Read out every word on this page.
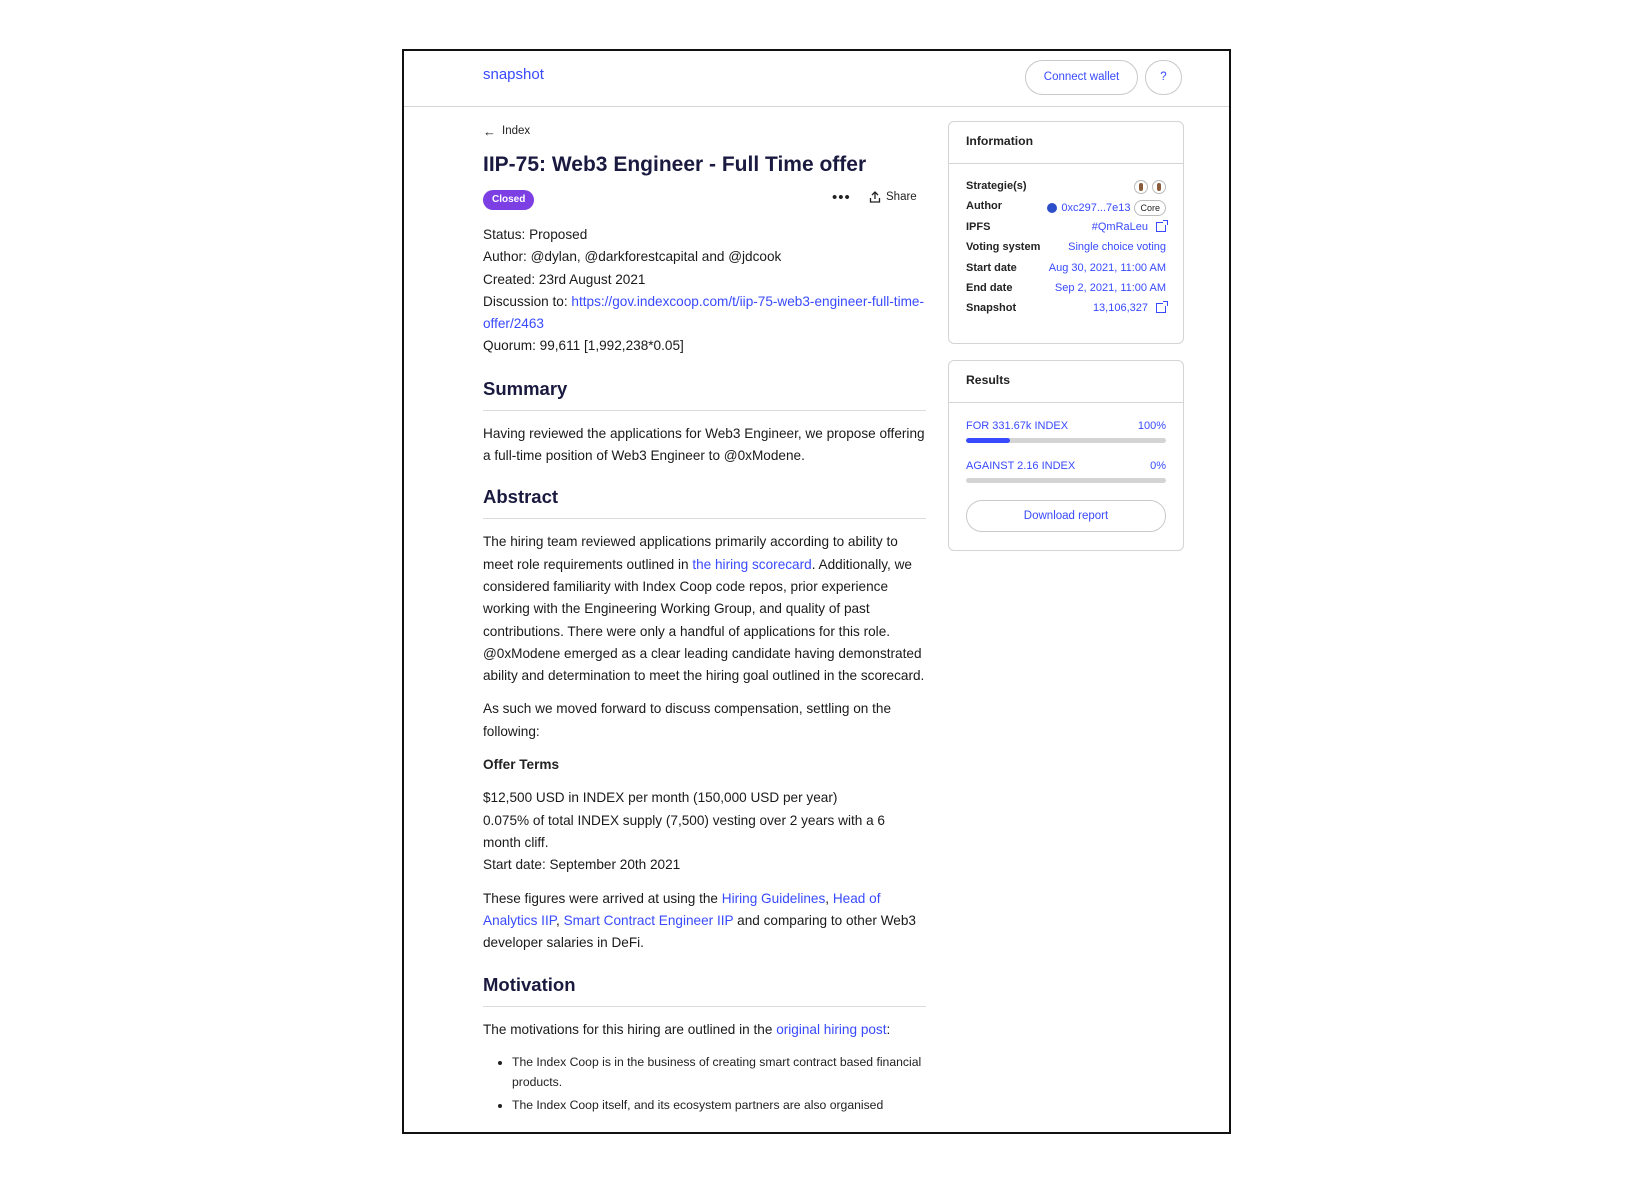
snapshot	Connect wallet	?
← Index
IIP-75: Web3 Engineer - Full Time offer
Closed	•••	Share
Status: Proposed
Author: @dylan, @darkforestcapital and @jdcook
Created: 23rd August 2021
Discussion to: https://gov.indexcoop.com/t/iip-75-web3-engineer-full-time-offer/2463
Quorum: 99,611 [1,992,238*0.05]
Summary

Having reviewed the applications for Web3 Engineer, we propose offering a full-time position of Web3 Engineer to @0xModene.

Abstract

The hiring team reviewed applications primarily according to ability to meet role requirements outlined in the hiring scorecard. Additionally, we considered familiarity with Index Coop code repos, prior experience working with the Engineering Working Group, and quality of past contributions. There were only a handful of applications for this role. @0xModene emerged as a clear leading candidate having demonstrated ability and determination to meet the hiring goal outlined in the scorecard.

As such we moved forward to discuss compensation, settling on the following:

Offer Terms

$12,500 USD in INDEX per month (150,000 USD per year)
0.075% of total INDEX supply (7,500) vesting over 2 years with a 6 month cliff.
Start date: September 20th 2021

These figures were arrived at using the Hiring Guidelines, Head of Analytics IIP, Smart Contract Engineer IIP and comparing to other Web3 developer salaries in DeFi.

Motivation

The motivations for this hiring are outlined in the original hiring post:

• The Index Coop is in the business of creating smart contract based financial products.
• The Index Coop itself, and its ecosystem partners are also organised
Information
Strategie(s)
Author	0xc297...7e13	Core
IPFS	#QmRaLeu
Voting system	Single choice voting
Start date	Aug 30, 2021, 11:00 AM
End date	Sep 2, 2021, 11:00 AM
Snapshot	13,106,327
Results
FOR 331.67k INDEX	100%
AGAINST 2.16 INDEX	0%
Download report
